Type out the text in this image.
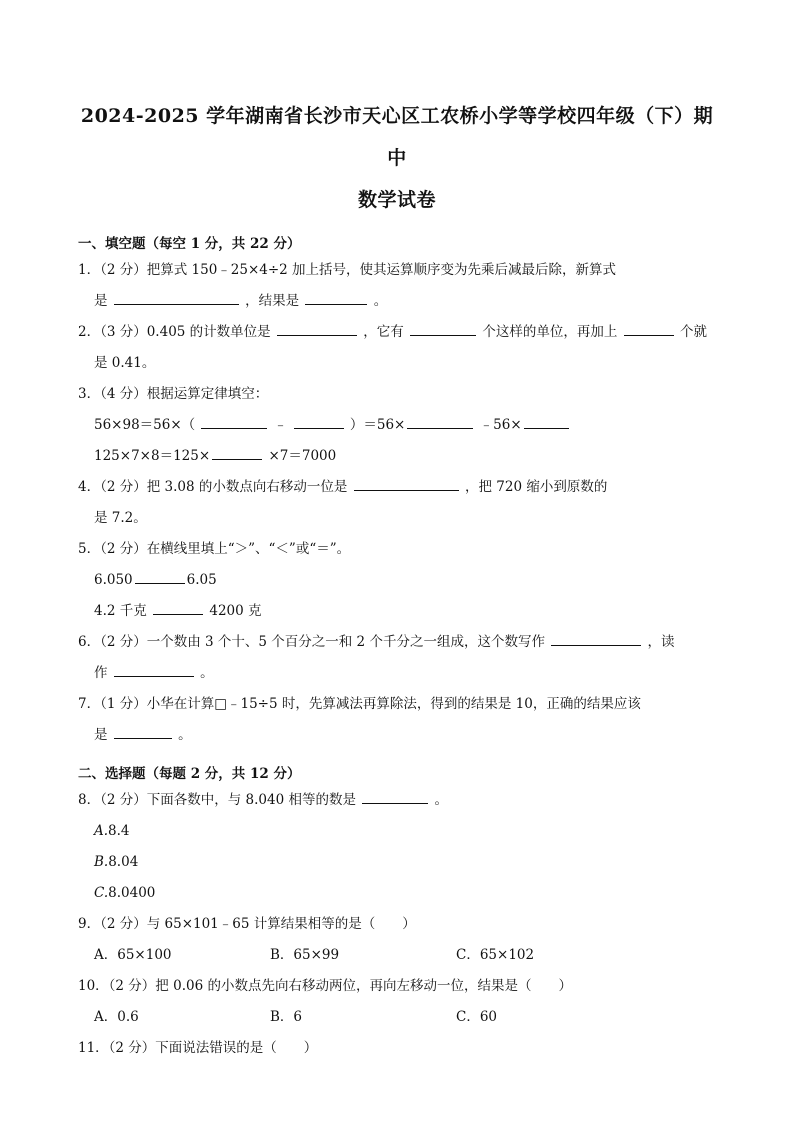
2024-2025 学年湖南省长沙市天心区工农桥小学等学校四年级（下）期中
数学试卷
一、填空题（每空 1 分，共 22 分）
1．（2 分）把算式 150﹣25×4÷2 加上括号，使其运算顺序变为先乘后减最后除，新算式
是	，结果是	。
2．（3 分）0.405 的计数单位是	，它有	个这样的单位，再加上	个就
是 0.41。
3．（4 分）根据运算定律填空：
56×98＝56×（	﹣	）＝56×	﹣56×
125×7×8＝125×	×7＝7000
4．（2 分）把 3.08 的小数点向右移动一位是	，把 720 缩小到原数的
是 7.2。
5．（2 分）在横线里填上“＞”、“＜”或“＝”。
6.050	6.05
4.2 千克	4200 克
6．（2 分）一个数由 3 个十、5 个百分之一和 2 个千分之一组成，这个数写作	，读
作	。
7．（1 分）小华在计算□﹣15÷5 时，先算减法再算除法，得到的结果是 10，正确的结果应该
是	。
二、选择题（每题 2 分，共 12 分）
8．（2 分）下面各数中，与 8.040 相等的数是	。
A.8.4
B.8.04
C.8.0400
9．（2 分）与 65×101﹣65 计算结果相等的是（　　）
A．65×100	B．65×99	C．65×102
10．（2 分）把 0.06 的小数点先向右移动两位，再向左移动一位，结果是（　　）
A．0.6	B．6	C．60
11．（2 分）下面说法错误的是（　　）
